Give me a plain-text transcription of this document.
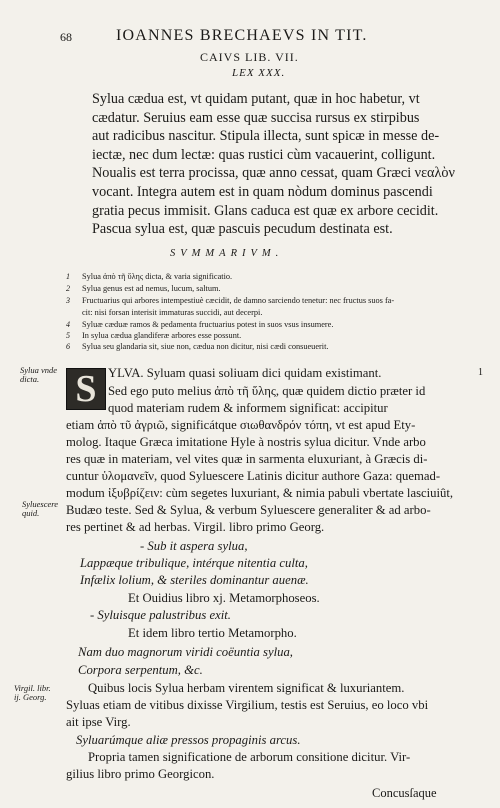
68	IOANNES BRECHAEVS IN TIT.
CAIVS LIB. VII.
LEX XXX.
Sylua cædua est, vt quidam putant, quæ in hoc habetur, vt
cædatur. Seruius eam esse quæ succisa rursus ex stirpibus
aut radicibus nascitur. Stipula illecta, sunt spicæ in messe de-
iectæ, nec dum lectæ: quas rustici cùm vacauerint, colligunt.
Noualis est terra procissa, quæ anno cessat, quam Græci νεαλὸν
vocant. Integra autem est in quam nòdum dominus pascendi
gratia pecus immisit. Glans caduca est quæ ex arbore cecidit.
Pascua sylua est, quæ pascuis pecudum destinata est.
SVMMARIVM.
1 Sylua ἀπὸ τῆ ὕλης dicta, & varia significatio.
2 Sylua genus est ad nemus, lucum, saltum.
3 Fructuarius qui arbores intempestiuè cæcidit, de damno sarciendo tenetur: nec fructus suos fa-
cit: nisi forsan interisit immaturas succidi, aut decerpi.
4 Syluæ cæduæ ramos & pedamenta fructuarius potest in suos vsus insumere.
5 In sylua cædua glandiferæ arbores esse possunt.
6 Sylua seu glandaria sit, siue non, cædua non dicitur, nisi cædi consueuerit.
Sylua vnde
dicta.
1
Syluescere
quid.
Virgil. libr.
ij. Georg.
S YLVA. Syluam quasi soliuam dici quidam existimant.
Sed ego puto melius ἀπὸ τῆ ὕλης, quæ quidem dictio præter id
quod materiam rudem & informem significat: accipitur
etiam ἀπὸ τῦ ἀγριῶ, significátque σιωθανδρόν τόπη, vt est apud Ety-
molog. Itaque Græca imitatione Hyle à nostris sylua dicitur. Vnde arbo
res quæ in materiam, vel vites quæ in sarmenta eluxuriant, à Græcis di-
cuntur ὑλομανεῖν, quod Syluescere Latinis dicitur authore Gaza: quemad-
modum ἰξυβρίζειν: cùm segetes luxuriant, & nimia pabuli vbertate lasciuiût,
Budæo teste. Sed & Sylua, & verbum Syluescere generaliter & ad arbo-
res pertinet & ad herbas. Virgil. libro primo Georg.
- Sub it aspera sylua,
Lappæque tribulique, intérque nitentia culta,
Infælix lolium, & steriles dominantur auenæ.
Et Ouidius libro xj. Metamorphoseos.
- Syluisque palustribus exit.
Et idem libro tertio Metamorpho.
Nam duo magnorum viridi coëuntia sylua,
Corpora serpentum, &c.
Quibus locis Sylua herbam virentem significat & luxuriantem.
Syluas etiam de vitibus dixisse Virgilium, testis est Seruius, eo loco vbi
ait ipse Virg.
Syluarúmque aliæ pressos propaginis arcus.
Propria tamen significatione de arborum consitione dicitur. Vir-
gilius libro primo Georgicon.
Concusſaque
